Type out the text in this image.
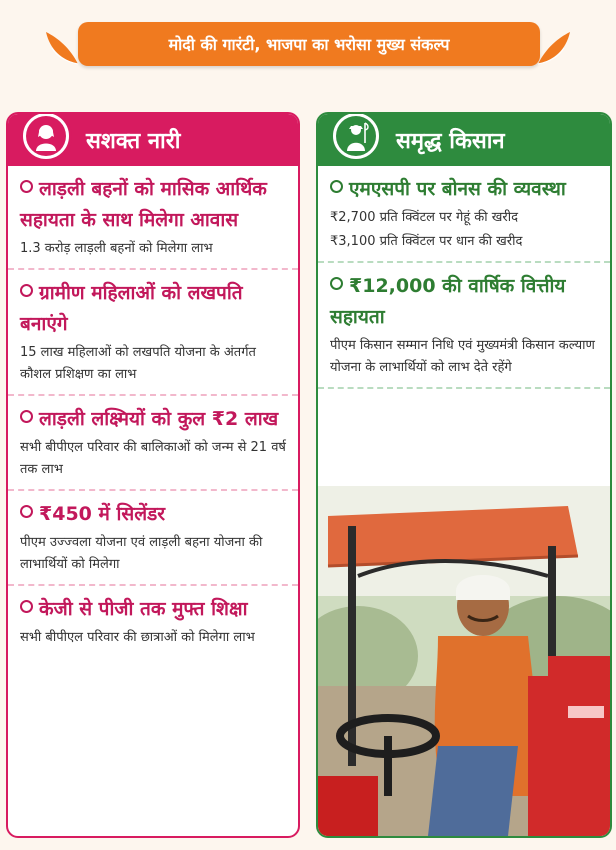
मोदी की गारंटी, भाजपा का भरोसा मुख्य संकल्प
सशक्त नारी
लाड़ली बहनों को मासिक आर्थिक सहायता के साथ मिलेगा आवास
1.3 करोड़ लाड़ली बहनों को मिलेगा लाभ
ग्रामीण महिलाओं को लखपति बनाएंगे
15 लाख महिलाओं को लखपति योजना के अंतर्गत कौशल प्रशिक्षण का लाभ
लाड़ली लक्ष्मियों को कुल ₹2 लाख
सभी बीपीएल परिवार की बालिकाओं को जन्म से 21 वर्ष तक लाभ
₹450 में सिलेंडर
पीएम उज्ज्वला योजना एवं लाड़ली बहना योजना की लाभार्थियों को मिलेगा
केजी से पीजी तक मुफ्त शिक्षा
सभी बीपीएल परिवार की छात्राओं को मिलेगा लाभ
समृद्ध किसान
एमएसपी पर बोनस की व्यवस्था
₹2,700 प्रति क्विंटल पर गेहूं की खरीद
₹3,100 प्रति क्विंटल पर धान की खरीद
₹12,000 की वार्षिक वित्तीय सहायता
पीएम किसान सम्मान निधि एवं मुख्यमंत्री किसान कल्याण योजना के लाभार्थियों को लाभ देते रहेंगे
